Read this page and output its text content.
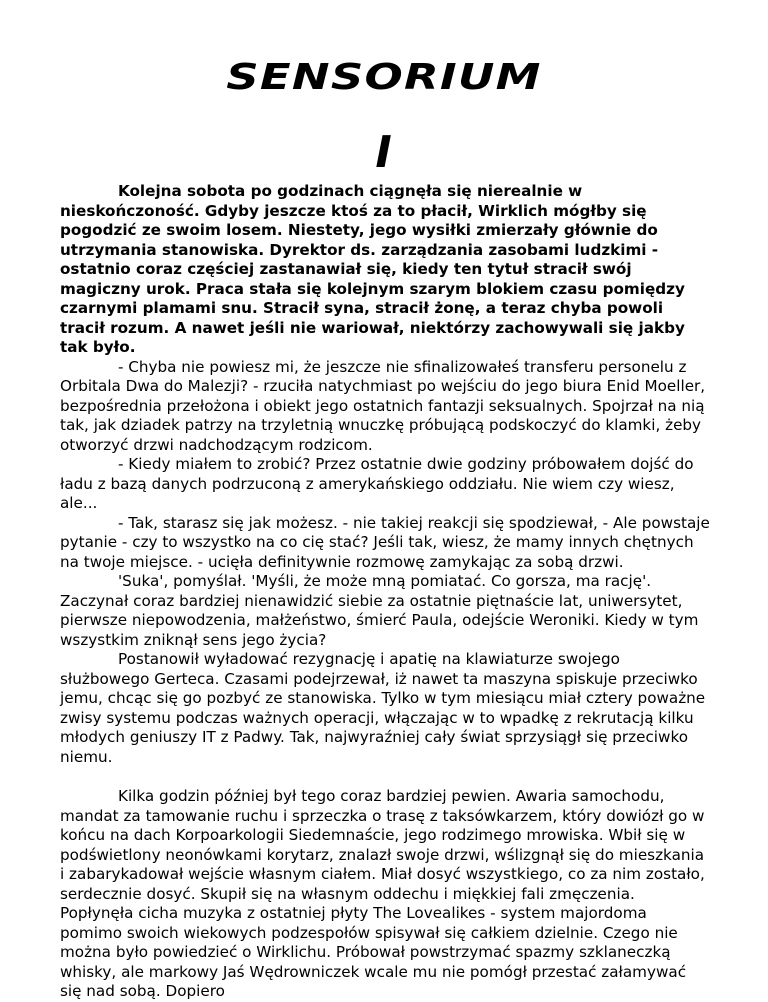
SENSORIUM
I

Kolejna sobota po godzinach ciągnęła się nierealnie w nieskończoność. Gdyby jeszcze ktoś za to płacił, Wirklich mógłby się pogodzić ze swoim losem. Niestety, jego wysiłki zmierzały głównie do utrzymania stanowiska. Dyrektor ds. zarządzania zasobami ludzkimi - ostatnio coraz częściej zastanawiał się, kiedy ten tytuł stracił swój magiczny urok. Praca stała się kolejnym szarym blokiem czasu pomiędzy czarnymi plamami snu. Stracił syna, stracił żonę, a teraz chyba powoli tracił rozum. A nawet jeśli nie wariował, niektórzy zachowywali się jakby tak było.

- Chyba nie powiesz mi, że jeszcze nie sfinalizowałeś transferu personelu z Orbitala Dwa do Malezji? - rzuciła natychmiast po wejściu do jego biura Enid Moeller, bezpośrednia przełożona i obiekt jego ostatnich fantazji seksualnych. Spojrzał na nią tak, jak dziadek patrzy na trzyletnią wnuczkę próbującą podskoczyć do klamki, żeby otworzyć drzwi nadchodzącym rodzicom.

- Kiedy miałem to zrobić? Przez ostatnie dwie godziny próbowałem dojść do ładu z bazą danych podrzuconą z amerykańskiego oddziału. Nie wiem czy wiesz, ale...

- Tak, starasz się jak możesz. - nie takiej reakcji się spodziewał, - Ale powstaje pytanie - czy to wszystko na co cię stać? Jeśli tak, wiesz, że mamy innych chętnych na twoje miejsce. - ucięła definitywnie rozmowę zamykając za sobą drzwi.

'Suka', pomyślał. 'Myśli, że może mną pomiatać. Co gorsza, ma rację'. Zaczynał coraz bardziej nienawidzić siebie za ostatnie piętnaście lat, uniwersytet, pierwsze niepowodzenia, małżeństwo, śmierć Paula, odejście Weroniki. Kiedy w tym wszystkim zniknął sens jego życia?

Postanowił wyładować rezygnację i apatię na klawiaturze swojego służbowego Gerteca. Czasami podejrzewał, iż nawet ta maszyna spiskuje przeciwko jemu, chcąc się go pozbyć ze stanowiska. Tylko w tym miesiącu miał cztery poważne zwisy systemu podczas ważnych operacji, włączając w to wpadkę z rekrutacją kilku młodych geniuszy IT z Padwy. Tak, najwyraźniej cały świat sprzysiągł się przeciwko niemu.

Kilka godzin później był tego coraz bardziej pewien. Awaria samochodu, mandat za tamowanie ruchu i sprzeczka o trasę z taksówkarzem, który dowiózł go w końcu na dach Korpoarkologii Siedemnaście, jego rodzimego mrowiska. Wbił się w podświetlony neonówkami korytarz, znalazł swoje drzwi, wślizgnął się do mieszkania i zabarykadował wejście własnym ciałem. Miał dosyć wszystkiego, co za nim zostało, serdecznie dosyć. Skupił się na własnym oddechu i miękkiej fali zmęczenia. Popłynęła cicha muzyka z ostatniej płyty The Lovealikes - system majordoma pomimo swoich wiekowych podzespołów spisywał się całkiem dzielnie. Czego nie można było powiedzieć o Wirklichu. Próbował powstrzymać spazmy szklaneczką whisky, ale markowy Jaś Wędrowniczek wcale mu nie pomógł przestać załamywać się nad sobą. Dopiero
